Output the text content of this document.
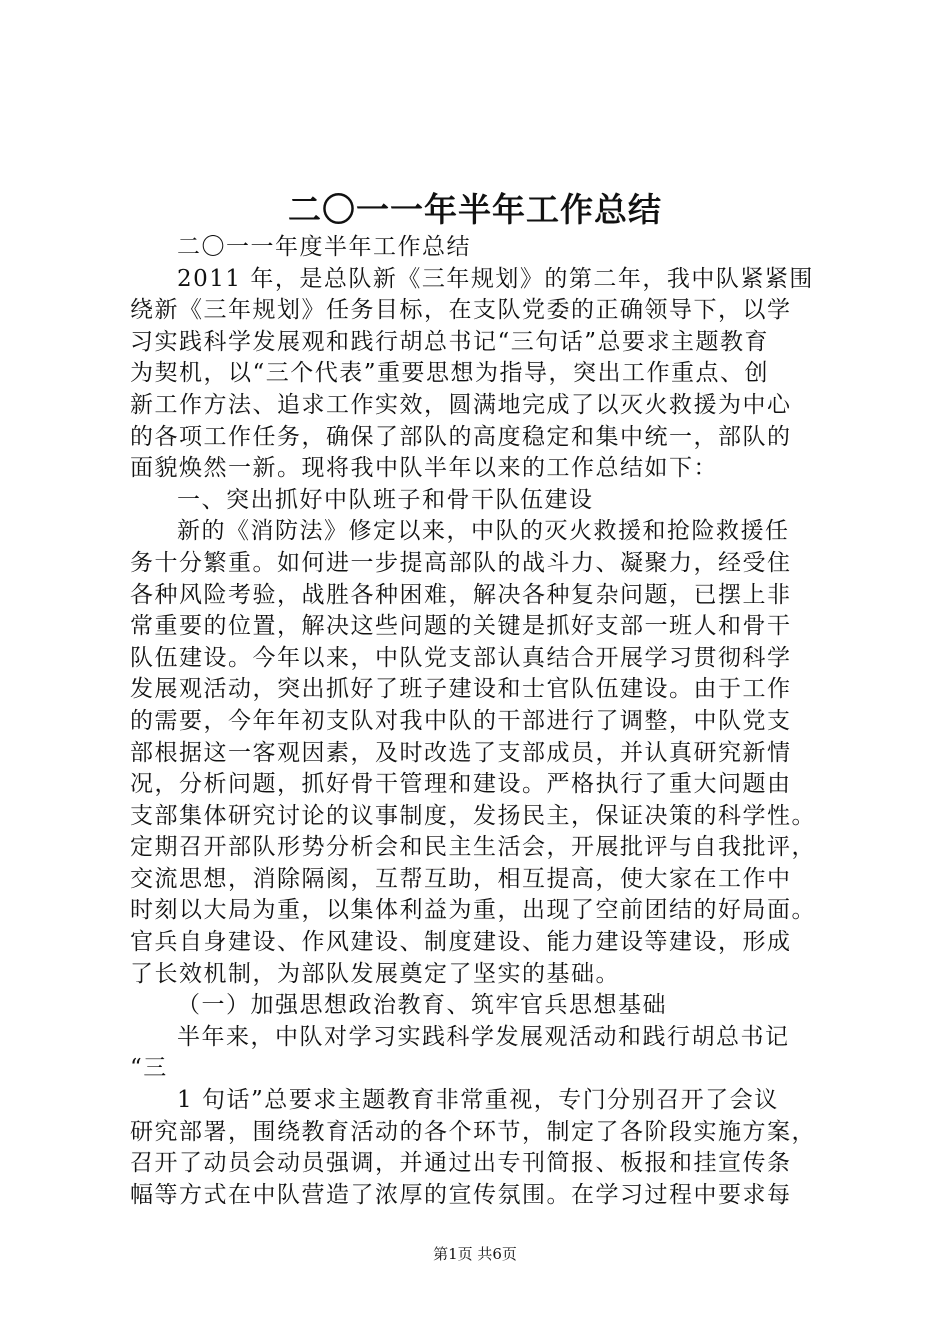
二〇一一年半年工作总结
二〇一一年度半年工作总结
2011 年，是总队新《三年规划》的第二年，我中队紧紧围
绕新《三年规划》任务目标，在支队党委的正确领导下，以学
习实践科学发展观和践行胡总书记“三句话”总要求主题教育
为契机，以“三个代表”重要思想为指导，突出工作重点、创
新工作方法、追求工作实效，圆满地完成了以灭火救援为中心
的各项工作任务，确保了部队的高度稳定和集中统一，部队的
面貌焕然一新。现将我中队半年以来的工作总结如下：
一、突出抓好中队班子和骨干队伍建设
新的《消防法》修定以来，中队的灭火救援和抢险救援任
务十分繁重。如何进一步提高部队的战斗力、凝聚力，经受住
各种风险考验，战胜各种困难，解决各种复杂问题，已摆上非
常重要的位置，解决这些问题的关键是抓好支部一班人和骨干
队伍建设。今年以来，中队党支部认真结合开展学习贯彻科学
发展观活动，突出抓好了班子建设和士官队伍建设。由于工作
的需要，今年年初支队对我中队的干部进行了调整，中队党支
部根据这一客观因素，及时改选了支部成员，并认真研究新情
况，分析问题，抓好骨干管理和建设。严格执行了重大问题由
支部集体研究讨论的议事制度，发扬民主，保证决策的科学性。
定期召开部队形势分析会和民主生活会，开展批评与自我批评，
交流思想，消除隔阂，互帮互助，相互提高，使大家在工作中
时刻以大局为重，以集体利益为重，出现了空前团结的好局面。
官兵自身建设、作风建设、制度建设、能力建设等建设，形成
了长效机制，为部队发展奠定了坚实的基础。
（一）加强思想政治教育、筑牢官兵思想基础
半年来，中队对学习实践科学发展观活动和践行胡总书记
“三
1 句话”总要求主题教育非常重视，专门分别召开了会议
研究部署，围绕教育活动的各个环节，制定了各阶段实施方案，
召开了动员会动员强调，并通过出专刊简报、板报和挂宣传条
幅等方式在中队营造了浓厚的宣传氛围。在学习过程中要求每
第1页 共6页
